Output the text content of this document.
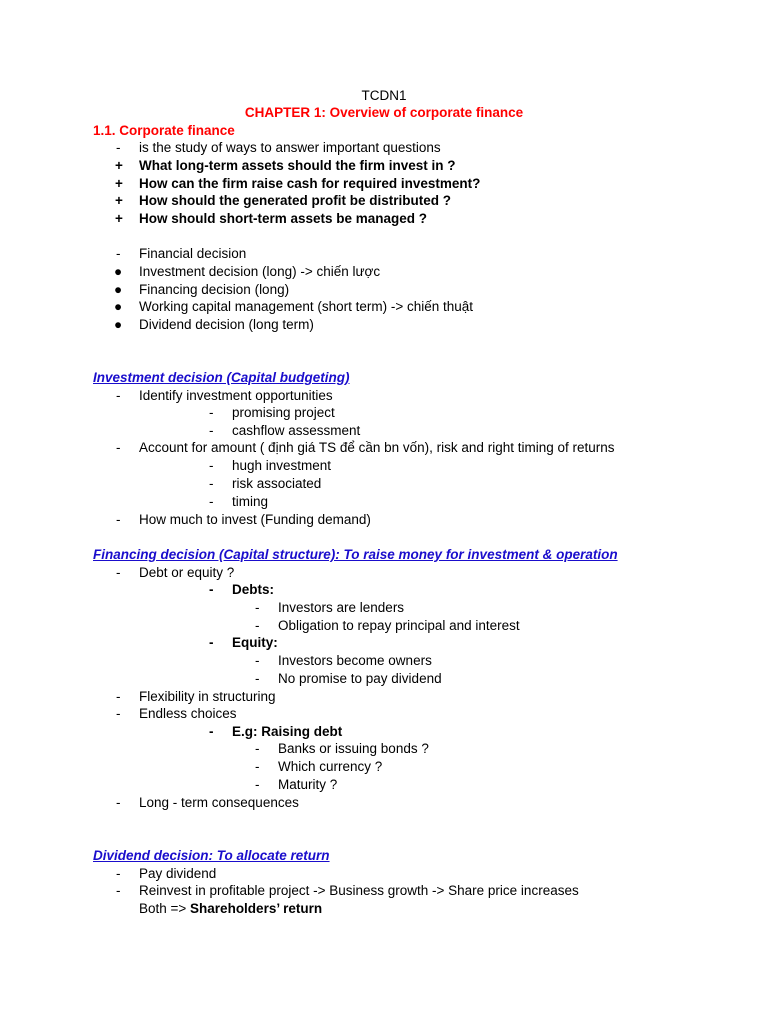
TCDN1
CHAPTER 1: Overview of corporate finance
1.1. Corporate finance
- is the study of ways to answer important questions
+ What long-term assets should the firm invest in ?
+ How can the firm raise cash for required investment?
+ How should the generated profit be distributed ?
+ How should short-term assets be managed ?
- Financial decision
● Investment decision (long) -> chiến lược
● Financing decision (long)
● Working capital management (short term) -> chiến thuật
● Dividend decision (long term)
Investment decision (Capital budgeting)
- Identify investment opportunities
- promising project
- cashflow assessment
- Account for amount ( định giá TS để cần bn vốn), risk and right timing of returns
- hugh investment
- risk associated
- timing
- How much to invest (Funding demand)
Financing decision (Capital structure): To raise money for investment & operation
- Debt or equity ?
- Debts:
- Investors are lenders
- Obligation to repay principal and interest
- Equity:
- Investors become owners
- No promise to pay dividend
- Flexibility in structuring
- Endless choices
- E.g: Raising debt
- Banks or issuing bonds ?
- Which currency ?
- Maturity ?
- Long - term consequences
Dividend decision: To allocate return
- Pay dividend
- Reinvest in profitable project -> Business growth -> Share price increases
Both => Shareholders’ return
